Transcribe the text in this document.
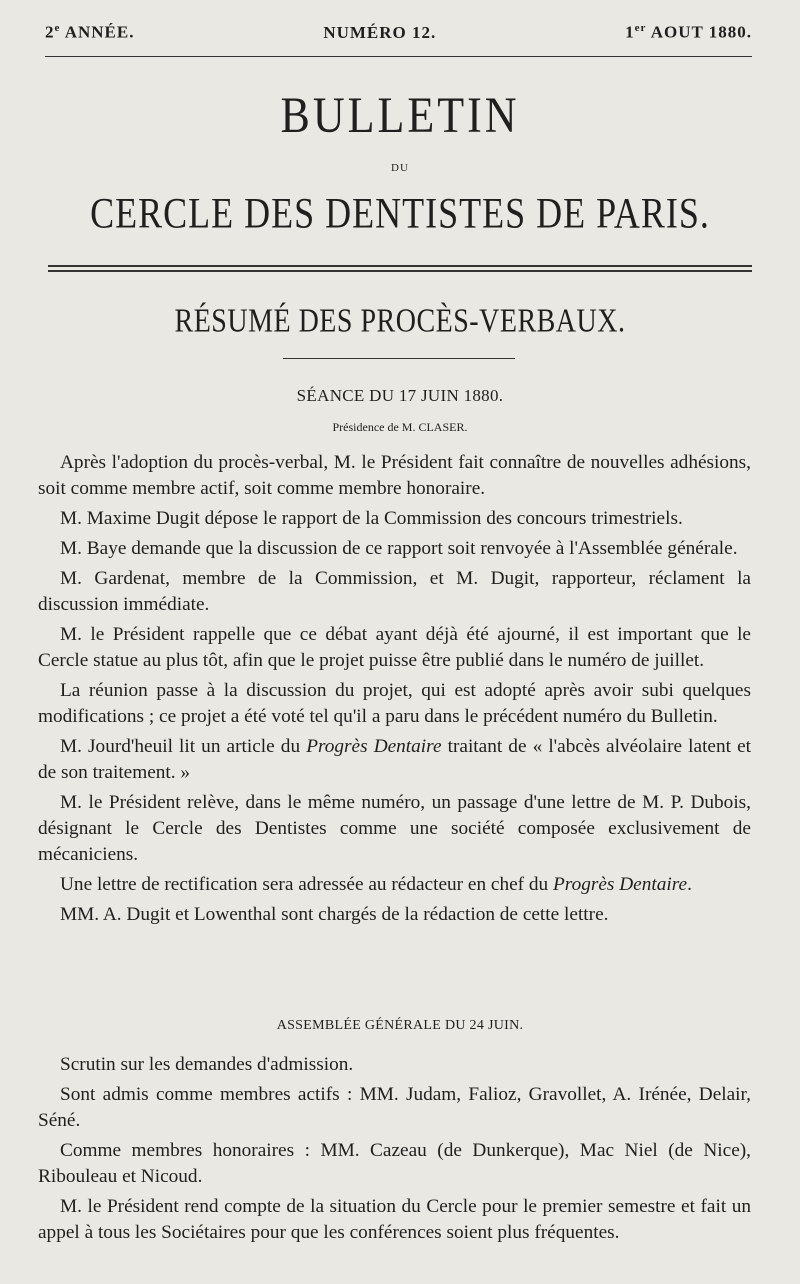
2e ANNÉE.	NUMÉRO 12.	1er AOUT 1880.
BULLETIN
DU
CERCLE DES DENTISTES DE PARIS.
RÉSUMÉ DES PROCÈS-VERBAUX.
SÉANCE DU 17 JUIN 1880.
Présidence de M. CLASER.

Après l'adoption du procès-verbal, M. le Président fait connaître de nouvelles adhésions, soit comme membre actif, soit comme membre honoraire.

M. Maxime Dugit dépose le rapport de la Commission des concours trimestriels.

M. Baye demande que la discussion de ce rapport soit renvoyée à l'Assemblée générale.

M. Gardenat, membre de la Commission, et M. Dugit, rapporteur, réclament la discussion immédiate.

M. le Président rappelle que ce débat ayant déjà été ajourné, il est important que le Cercle statue au plus tôt, afin que le projet puisse être publié dans le numéro de juillet.

La réunion passe à la discussion du projet, qui est adopté après avoir subi quelques modifications ; ce projet a été voté tel qu'il a paru dans le précédent numéro du Bulletin.

M. Jourd'heuil lit un article du Progrès Dentaire traitant de « l'abcès alvéolaire latent et de son traitement. »

M. le Président relève, dans le même numéro, un passage d'une lettre de M. P. Dubois, désignant le Cercle des Dentistes comme une société composée exclusivement de mécaniciens.

Une lettre de rectification sera adressée au rédacteur en chef du Progrès Dentaire.

MM. A. Dugit et Lowenthal sont chargés de la rédaction de cette lettre.

ASSEMBLÉE GÉNÉRALE DU 24 JUIN.

Scrutin sur les demandes d'admission.

Sont admis comme membres actifs : MM. Judam, Falioz, Gravollet, A. Irénée, Delair, Séné.

Comme membres honoraires : MM. Cazeau (de Dunkerque), Mac Niel (de Nice), Ribouleau et Nicoud.

M. le Président rend compte de la situation du Cercle pour le premier semestre et fait un appel à tous les Sociétaires pour que les conférences soient plus fréquentes.
